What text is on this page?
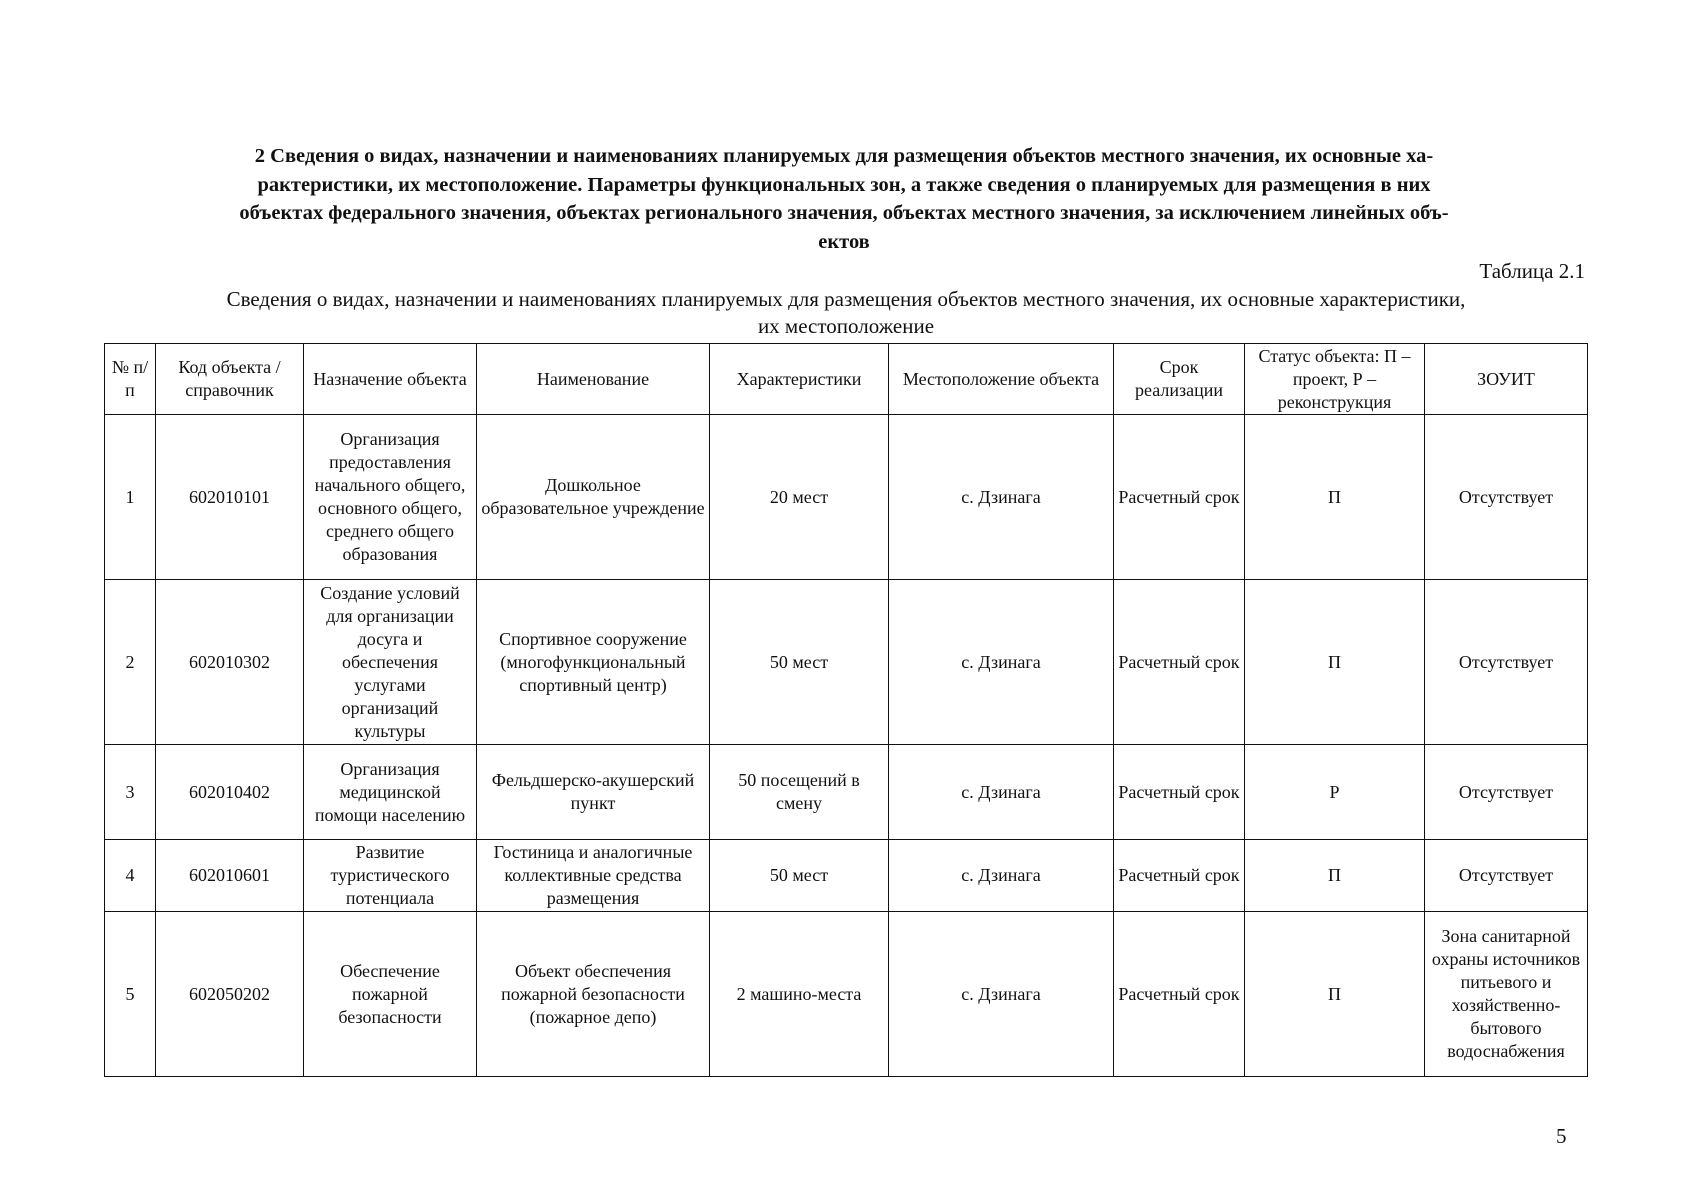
2 Сведения о видах, назначении и наименованиях планируемых для размещения объектов местного значения, их основные ха-
рактеристики, их местоположение. Параметры функциональных зон, а также сведения о планируемых для размещения в них
объектах федерального значения, объектах регионального значения, объектах местного значения, за исключением линейных объ-
ектов
Таблица 2.1
Сведения о видах, назначении и наименованиях планируемых для размещения объектов местного значения, их основные характеристики,
их местоположение
№ п/п	Код объекта / справочник	Назначение объекта	Наименование	Характеристики	Местоположение объекта	Срок реализации	Статус объекта: П – проект, Р – реконструкция	ЗОУИТ
1	602010101	Организация предоставления начального общего, основного общего, среднего общего образования	Дошкольное образовательное учреждение	20 мест	с. Дзинага	Расчетный срок	П	Отсутствует
2	602010302	Создание условий для организации досуга и обеспечения услугами организаций культуры	Спортивное сооружение (многофункциональный спортивный центр)	50 мест	с. Дзинага	Расчетный срок	П	Отсутствует
3	602010402	Организация медицинской помощи населению	Фельдшерско-акушерский пункт	50 посещений в смену	с. Дзинага	Расчетный срок	Р	Отсутствует
4	602010601	Развитие туристического потенциала	Гостиница и аналогичные коллективные средства размещения	50 мест	с. Дзинага	Расчетный срок	П	Отсутствует
5	602050202	Обеспечение пожарной безопасности	Объект обеспечения пожарной безопасности (пожарное депо)	2 машино-места	с. Дзинага	Расчетный срок	П	Зона санитарной охраны источников питьевого и хозяйственно-бытового водоснабжения
5
